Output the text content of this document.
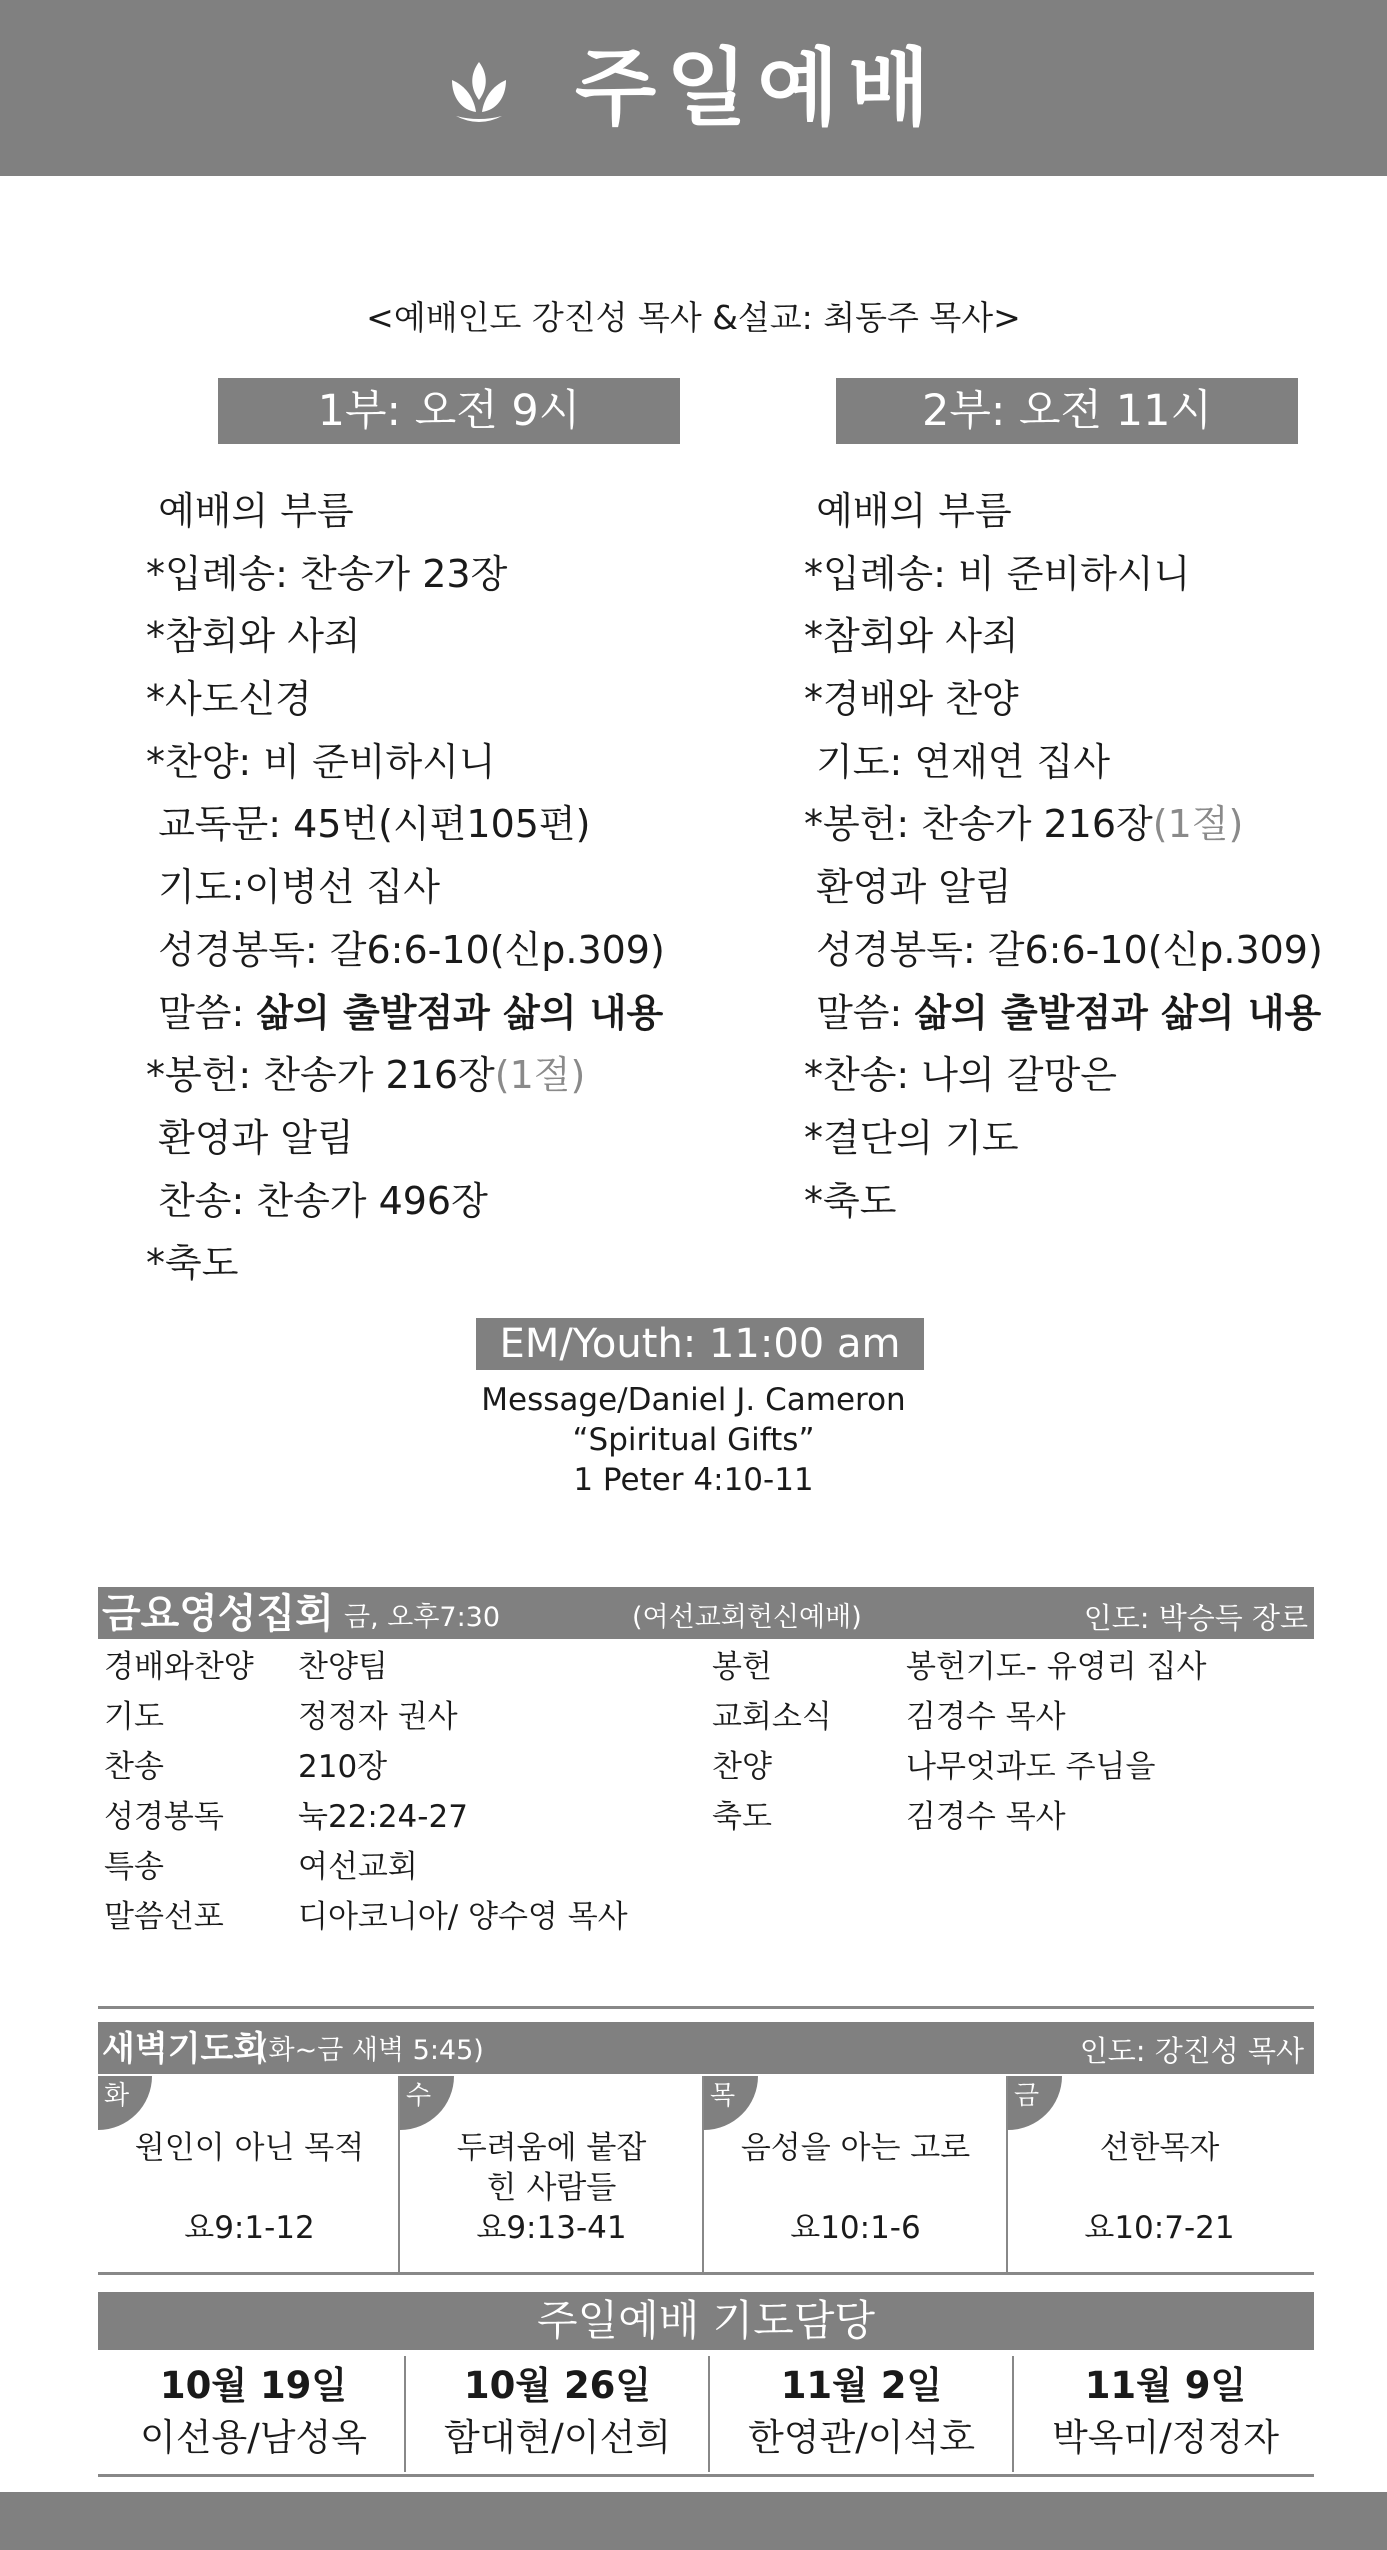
주일예배
<예배인도 강진성 목사 &설교: 최동주 목사>
1부: 오전 9시
예배의 부름
*입례송: 찬송가 23장
*참회와 사죄
*사도신경
*찬양: 비 준비하시니
교독문: 45번(시편105편)
기도:이병선 집사
성경봉독: 갈6:6-10(신p.309)
말씀: 삶의 출발점과 삶의 내용
*봉헌: 찬송가 216장(1절)
환영과 알림
찬송: 찬송가 496장
*축도
2부: 오전 11시
예배의 부름
*입례송: 비 준비하시니
*참회와 사죄
*경배와 찬양
기도: 연재연 집사
*봉헌: 찬송가 216장(1절)
환영과 알림
성경봉독: 갈6:6-10(신p.309)
말씀: 삶의 출발점과 삶의 내용
*찬송: 나의 갈망은
*결단의 기도
*축도
EM/Youth: 11:00 am
Message/Daniel J. Cameron
“Spiritual Gifts”
1 Peter 4:10-11
금요영성집회 금, 오후7:30	(여선교회헌신예배)	인도: 박승득 장로
경배와찬양 찬양팀
기도	정정자 권사
찬송	210장
성경봉독 눅22:24-27
특송	여선교회
말씀선포 디아코니아/ 양수영 목사
봉헌	봉헌기도- 유영리 집사
교회소식 김경수 목사
찬양	나무엇과도 주님을
축도	김경수 목사
새벽기도회
(화~금 새벽 5:45)	인도: 강진성 목사
화
원인이 아닌 목적
요9:1-12
수
두려움에 붙잡힌 사람들
요9:13-41
목
음성을 아는 고로
요10:1-6
금
선한목자
요10:7-21
주일예배 기도담당
10월 19일
이선용/남성옥
10월 26일
함대현/이선희
11월 2일
한영관/이석호
11월 9일
박옥미/정정자
